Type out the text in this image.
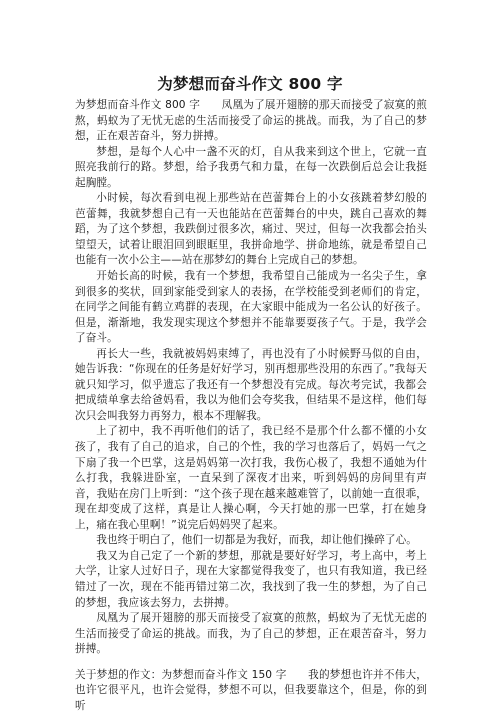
为梦想而奋斗作文 800 字

为梦想而奋斗作文 800 字　　凤凰为了展开翅膀的那天而接受了寂寞的煎熬，蚂蚁为了无忧无虑的生活而接受了命运的挑战。而我，为了自己的梦想，正在艰苦奋斗，努力拼搏。

梦想，是每个人心中一盏不灭的灯，自从我来到这个世上，它就一直照亮我前行的路。梦想，给予我勇气和力量，在每一次跌倒后总会让我挺起胸膛。

小时候，每次看到电视上那些站在芭蕾舞台上的小女孩跳着梦幻般的芭蕾舞，我就梦想自己有一天也能站在芭蕾舞台的中央，跳自己喜欢的舞蹈，为了这个梦想，我跌倒过很多次，痛过、哭过，但每一次我都会抬头望望天，试着让眼泪回到眼眶里，我拼命地学、拼命地练，就是希望自己也能有一次小公主——站在那梦幻的舞台上完成自己的梦想。

开始长高的时候，我有一个梦想，我希望自己能成为一名尖子生，拿到很多的奖状，回到家能受到家人的表扬，在学校能受到老师们的肯定，在同学之间能有鹤立鸡群的表现，在大家眼中能成为一名公认的好孩子。但是，渐渐地，我发现实现这个梦想并不能靠要耍孩子气。于是，我学会了奋斗。

再长大一些，我就被妈妈束缚了，再也没有了小时候野马似的自由，她告诉我：“你现在的任务是好好学习，别再想那些没用的东西了。”我每天就只知学习，似乎遗忘了我还有一个梦想没有完成。每次考完试，我都会把成绩单拿去给爸妈看，我以为他们会夸奖我，但结果不是这样，他们每次只会叫我努力再努力，根本不理解我。

上了初中，我不再听他们的话了，我已经不是那个什么都不懂的小女孩了，我有了自己的追求，自己的个性，我的学习也落后了，妈妈一气之下扇了我一个巴掌，这是妈妈第一次打我，我伤心极了，我想不通她为什么打我，我躲进卧室，一直呆到了深夜才出来，听到妈妈的房间里有声音，我贴在房门上听到：“这个孩子现在越来越难管了，以前她一直很乖，现在却变成了这样，真是让人操心啊，今天打她的那一巴掌，打在她身上，痛在我心里啊！”说完后妈妈哭了起来。

我也终于明白了，他们一切都是为我好，而我，却让他们操碎了心。

我又为自己定了一个新的梦想，那就是要好好学习，考上高中，考上大学，让家人过好日子，现在大家都觉得我变了，也只有我知道，我已经错过了一次，现在不能再错过第二次，我找到了我一生的梦想，为了自己的梦想，我应该去努力，去拼搏。

凤凰为了展开翅膀的那天而接受了寂寞的煎熬，蚂蚁为了无忧无虑的生活而接受了命运的挑战。而我，为了自己的梦想，正在艰苦奋斗，努力拼搏。

关于梦想的作文：为梦想而奋斗作文 150 字　　我的梦想也许并不伟大，也许它很平凡，也许会觉得，梦想不可以，但我要靠这个，但是，你的到听
